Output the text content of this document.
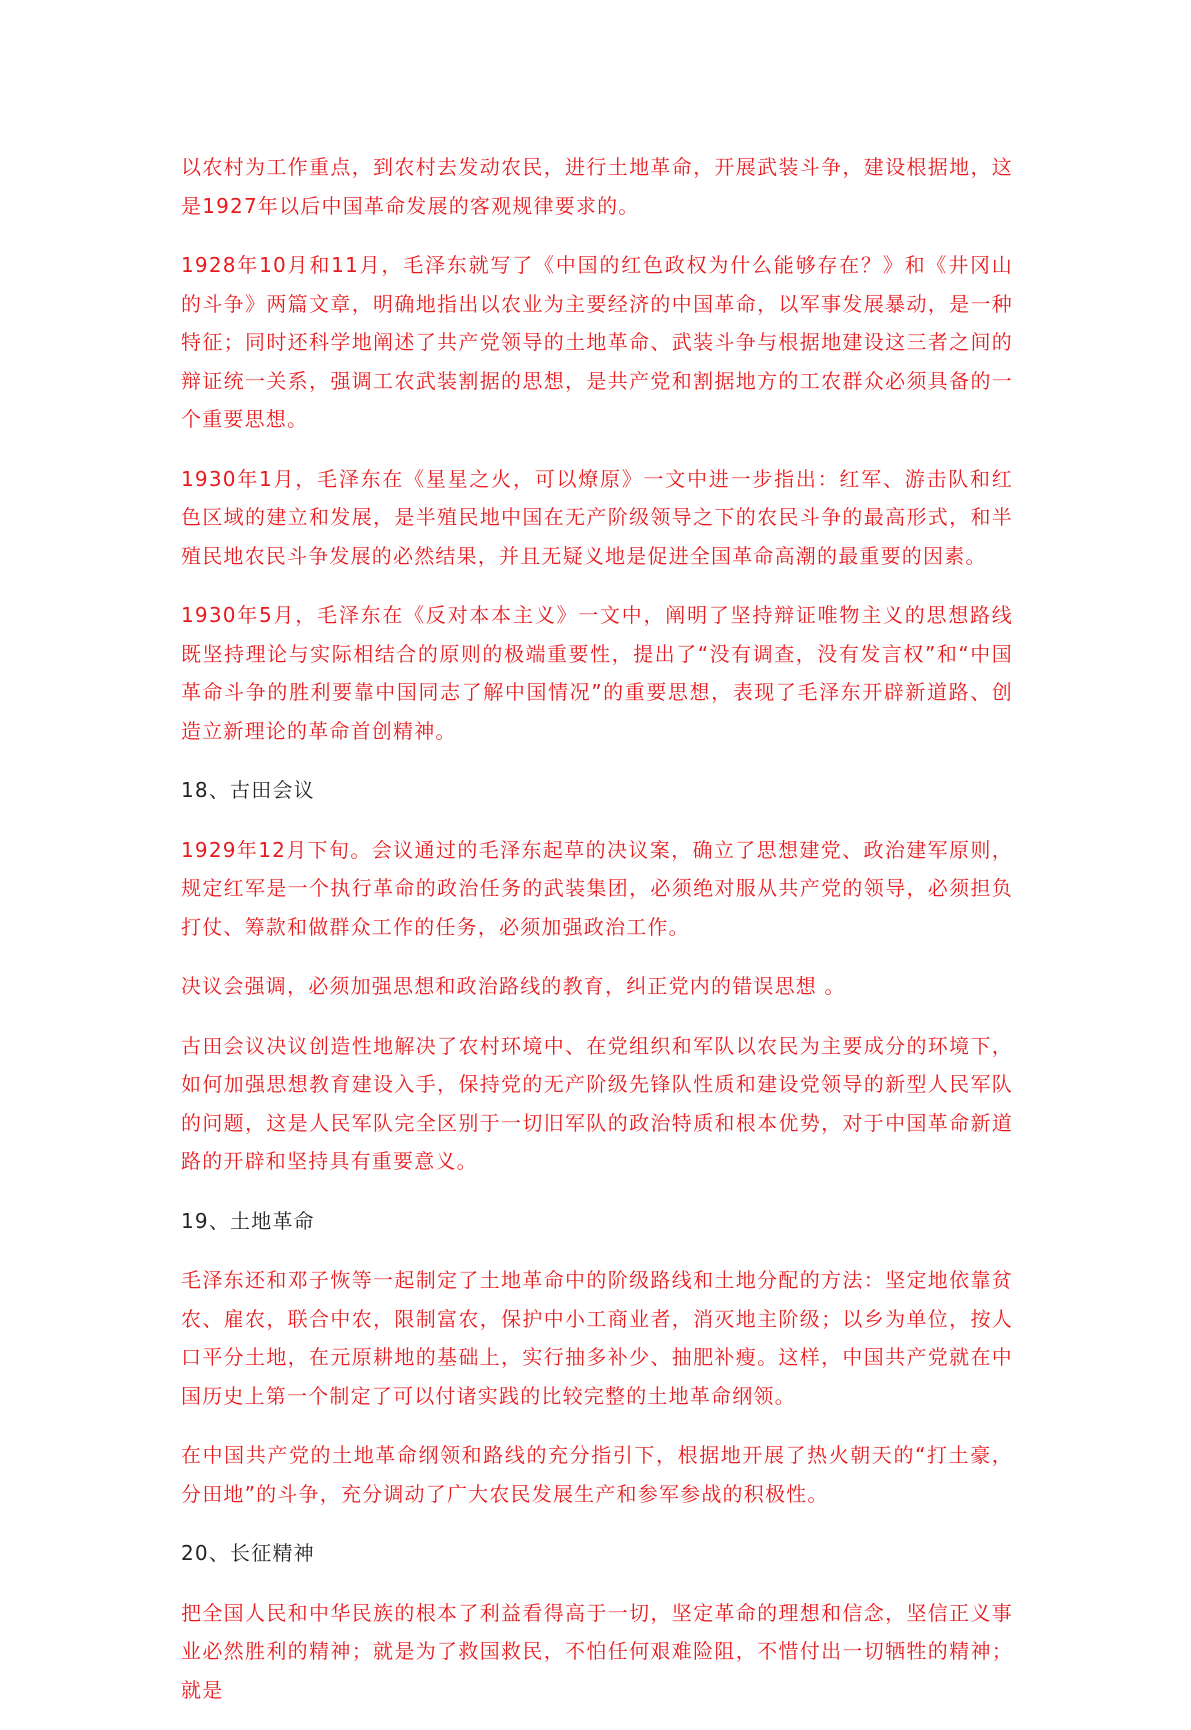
以农村为工作重点，到农村去发动农民，进行土地革命，开展武装斗争，建设根据地，这是1927年以后中国革命发展的客观规律要求的。

1928年10月和11月，毛泽东就写了《中国的红色政权为什么能够存在？》和《井冈山的斗争》两篇文章，明确地指出以农业为主要经济的中国革命，以军事发展暴动，是一种特征；同时还科学地阐述了共产党领导的土地革命、武装斗争与根据地建设这三者之间的辩证统一关系，强调工农武装割据的思想，是共产党和割据地方的工农群众必须具备的一个重要思想。

1930年1月，毛泽东在《星星之火，可以燎原》一文中进一步指出：红军、游击队和红色区域的建立和发展，是半殖民地中国在无产阶级领导之下的农民斗争的最高形式，和半殖民地农民斗争发展的必然结果，并且无疑义地是促进全国革命高潮的最重要的因素。

1930年5月，毛泽东在《反对本本主义》一文中，阐明了坚持辩证唯物主义的思想路线既坚持理论与实际相结合的原则的极端重要性，提出了“没有调查，没有发言权”和“中国革命斗争的胜利要靠中国同志了解中国情况”的重要思想，表现了毛泽东开辟新道路、创造立新理论的革命首创精神。

18、古田会议

1929年12月下旬。会议通过的毛泽东起草的决议案，确立了思想建党、政治建军原则，规定红军是一个执行革命的政治任务的武装集团，必须绝对服从共产党的领导，必须担负打仗、筹款和做群众工作的任务，必须加强政治工作。

决议会强调，必须加强思想和政治路线的教育，纠正党内的错误思想 。

古田会议决议创造性地解决了农村环境中、在党组织和军队以农民为主要成分的环境下，如何加强思想教育建设入手，保持党的无产阶级先锋队性质和建设党领导的新型人民军队的问题，这是人民军队完全区别于一切旧军队的政治特质和根本优势，对于中国革命新道路的开辟和坚持具有重要意义。

19、土地革命

毛泽东还和邓子恢等一起制定了土地革命中的阶级路线和土地分配的方法：坚定地依靠贫农、雇农，联合中农，限制富农，保护中小工商业者，消灭地主阶级；以乡为单位，按人口平分土地，在元原耕地的基础上，实行抽多补少、抽肥补瘦。这样，中国共产党就在中国历史上第一个制定了可以付诸实践的比较完整的土地革命纲领。

在中国共产党的土地革命纲领和路线的充分指引下，根据地开展了热火朝天的“打土豪，分田地”的斗争，充分调动了广大农民发展生产和参军参战的积极性。

20、长征精神

把全国人民和中华民族的根本了利益看得高于一切，坚定革命的理想和信念，坚信正义事业必然胜利的精神；就是为了救国救民，不怕任何艰难险阻，不惜付出一切牺牲的精神；就是
